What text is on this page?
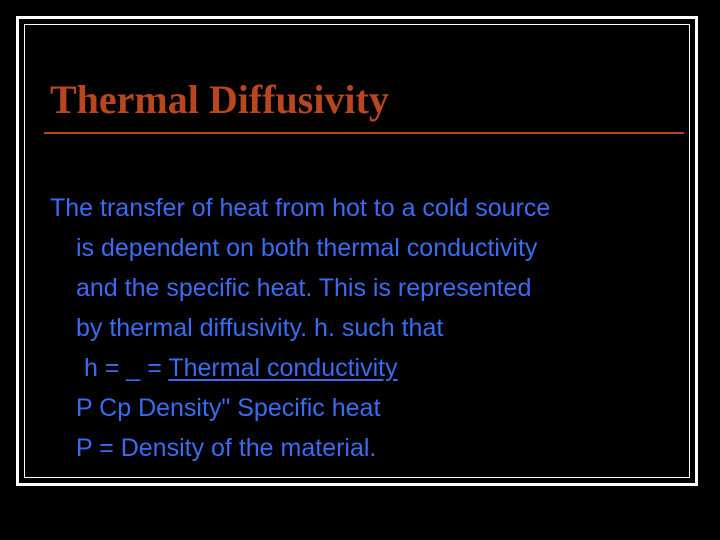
Thermal Diffusivity
The transfer of heat from hot to a cold source
is dependent on both thermal conductivity
and the specific heat. This is represented
by thermal diffusivity. h. such that
h = _ = Thermal conductivity
P Cp Density" Specific heat
P = Density of the material.
